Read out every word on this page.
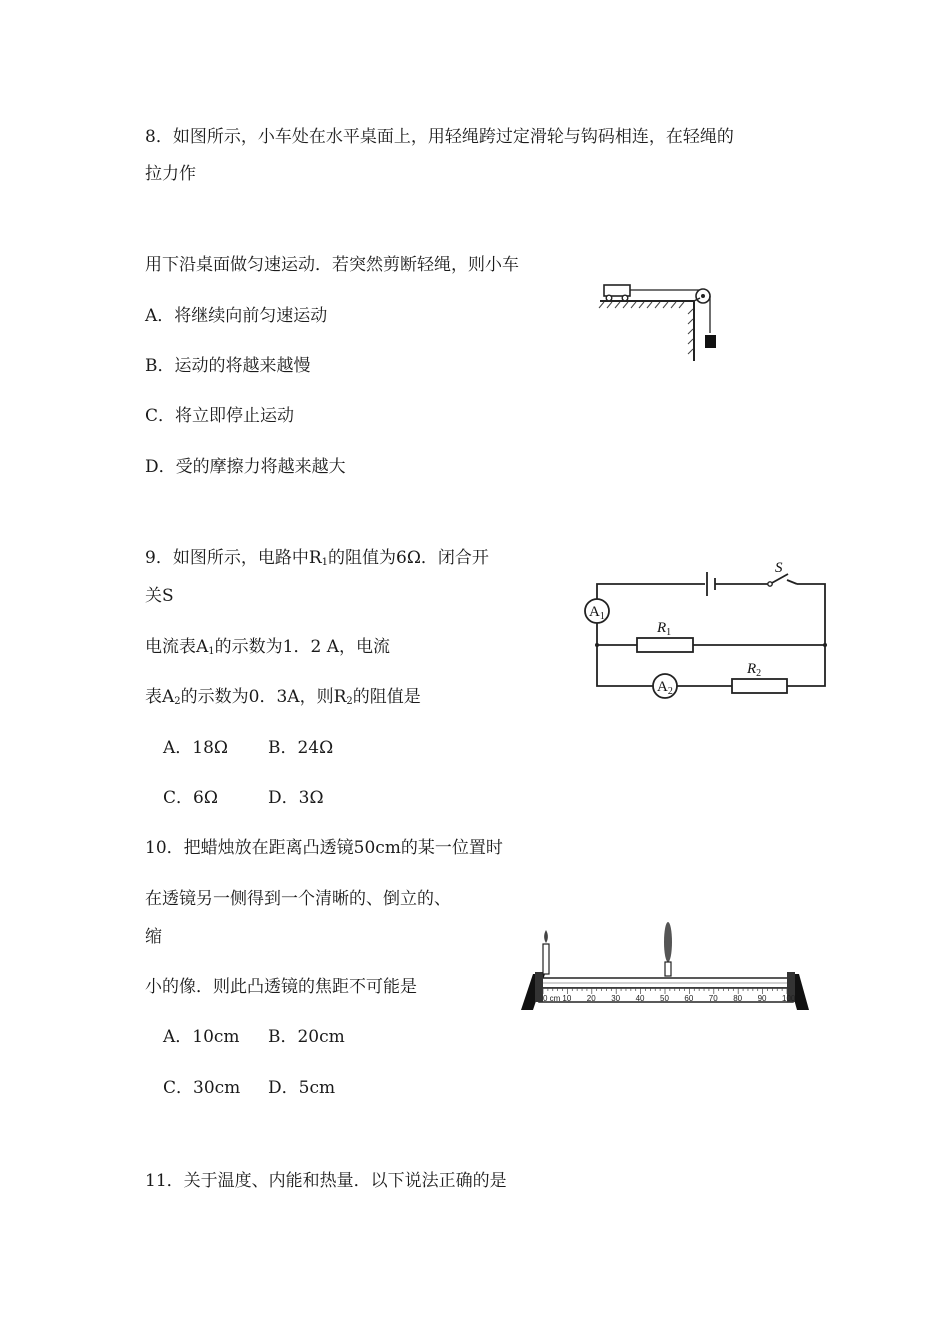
8．如图所示，小车处在水平桌面上，用轻绳跨过定滑轮与钩码相连，在轻绳的
拉力作
用下沿桌面做匀速运动．若突然剪断轻绳，则小车
A．将继续向前匀速运动
B．运动的将越来越慢
C．将立即停止运动
D．受的摩擦力将越来越大
9．如图所示，电路中$R_1$的阻值为6Ω．闭合开
关S
电流表$A_1$的示数为1．2 A，电流
表$A_2$的示数为0．3A，则$R_2$的阻值是
A．18Ω B．24Ω
C．6Ω	D．3Ω
$A_1$
$A_2$
$R_1$
$R_2$
S
10．把蜡烛放在距离凸透镜50cm的某一位置时
在透镜另一侧得到一个清晰的、倒立的、
缩
小的像．则此凸透镜的焦距不可能是
A．10cm B．20cm
C．30cm D．5cm
0 cm 10 20 30 40 50 60 70 80 90 100
11．关于温度、内能和热量．以下说法正确的是
